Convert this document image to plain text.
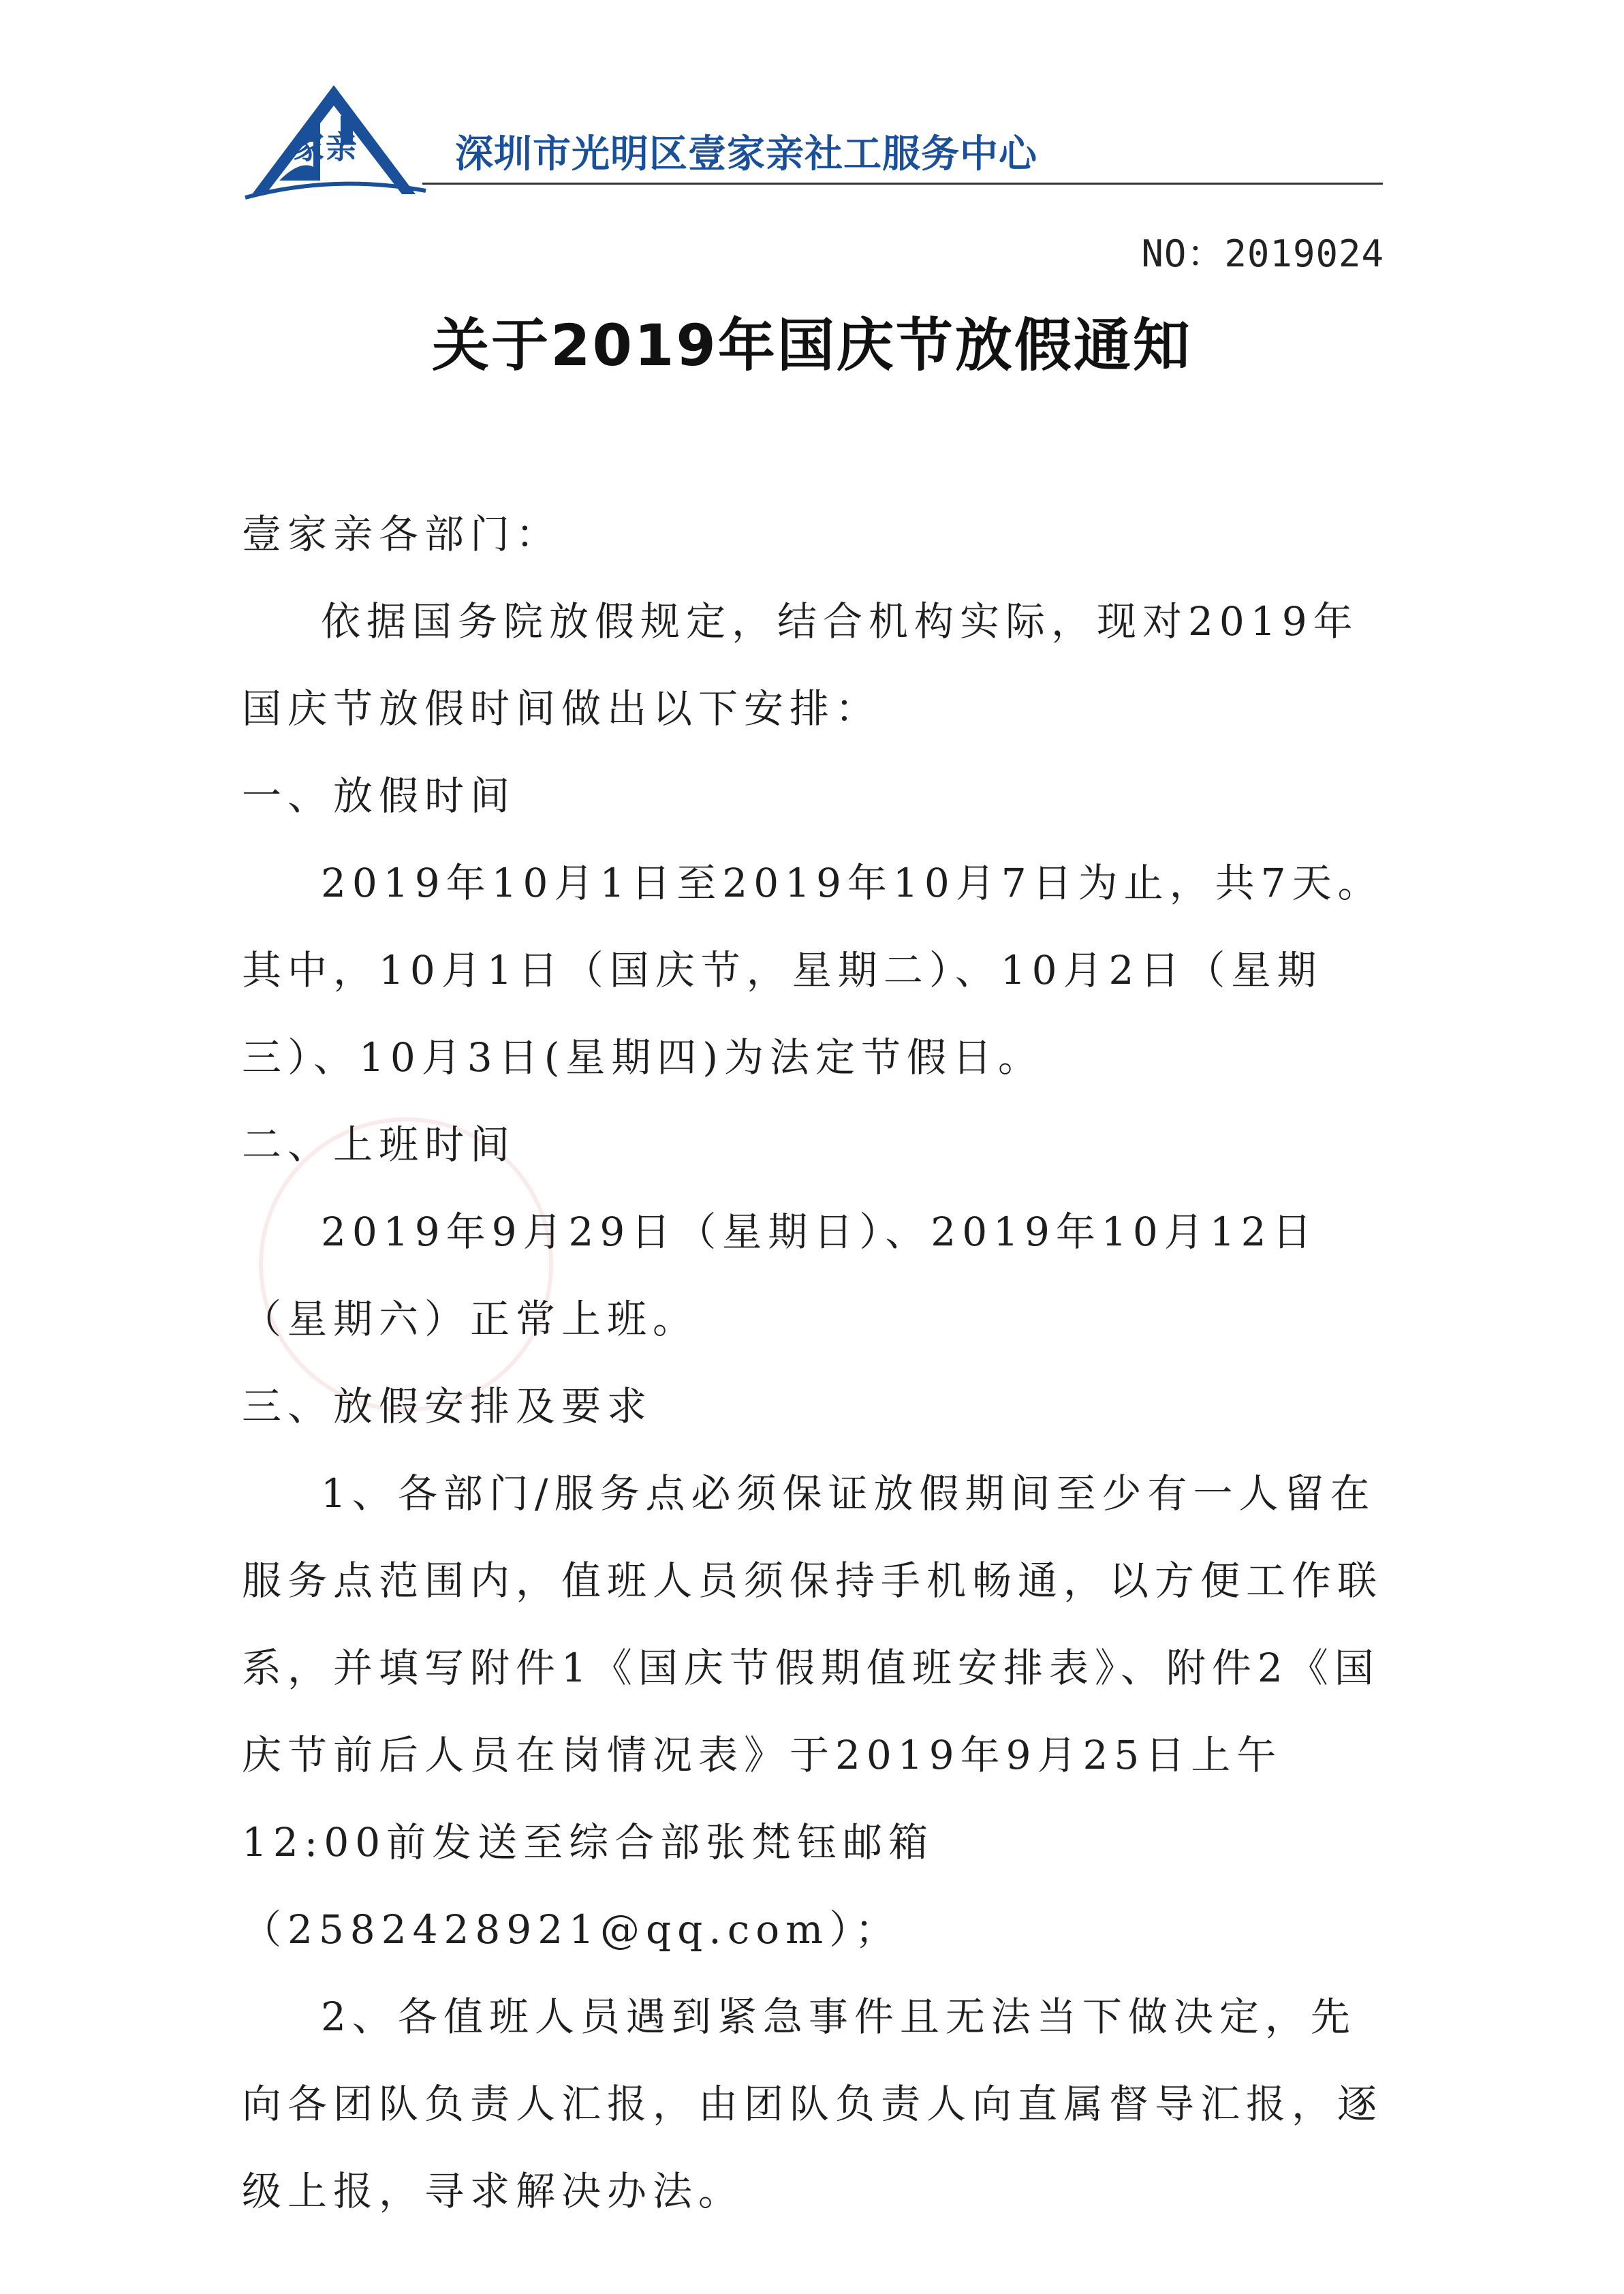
家亲	深圳市光明区壹家亲社工服务中心
NO：2019024
关于2019年国庆节放假通知

壹家亲各部门：

依据国务院放假规定，结合机构实际，现对2019年国庆节放假时间做出以下安排：

一、放假时间

2019年10月1日至2019年10月7日为止，共7天。其中，10月1日（国庆节，星期二）、10月2日（星期三）、10月3日(星期四)为法定节假日。

二、上班时间

2019年9月29日（星期日）、2019年10月12日（星期六）正常上班。

三、放假安排及要求

1、各部门/服务点必须保证放假期间至少有一人留在服务点范围内，值班人员须保持手机畅通，以方便工作联系，并填写附件1《国庆节假期值班安排表》、附件2《国庆节前后人员在岗情况表》于2019年9月25日上午12:00前发送至综合部张梵钰邮箱（2582428921@qq.com）；

2、各值班人员遇到紧急事件且无法当下做决定，先向各团队负责人汇报，由团队负责人向直属督导汇报，逐级上报，寻求解决办法。
